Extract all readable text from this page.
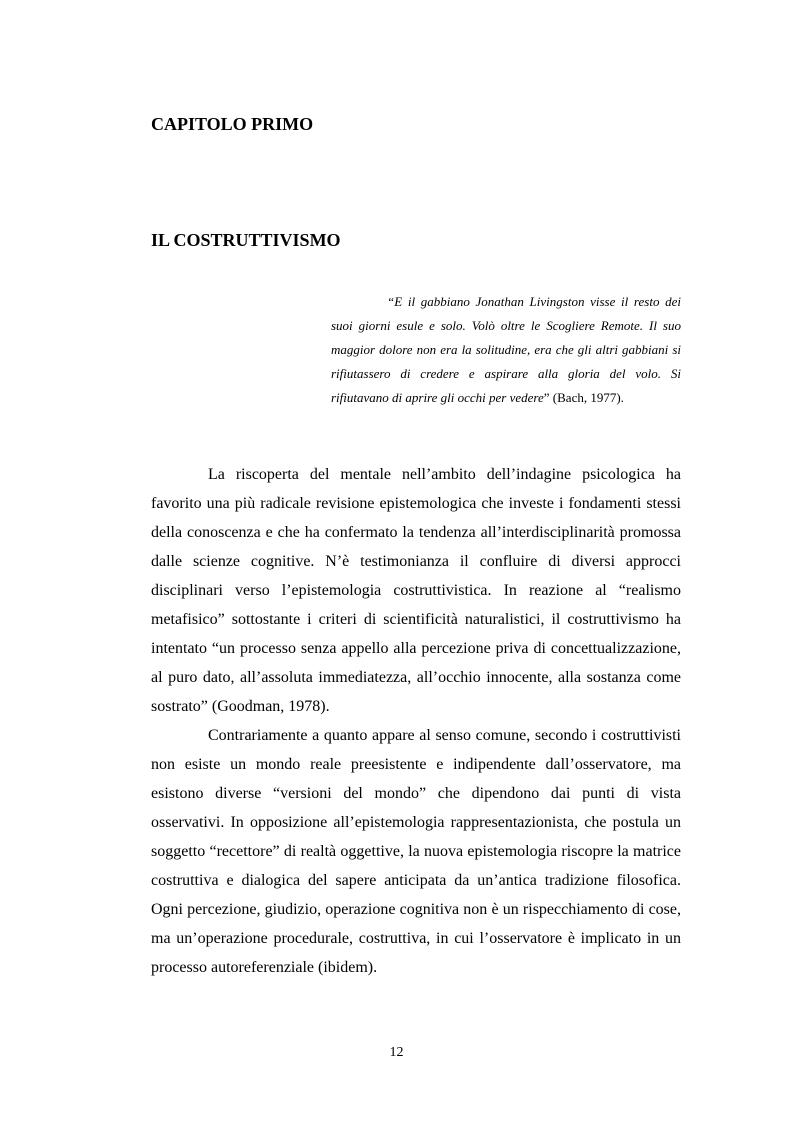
CAPITOLO PRIMO
IL COSTRUTTIVISMO

“E il gabbiano Jonathan Livingston visse il resto dei suoi giorni esule e solo. Volò oltre le Scogliere Remote. Il suo maggior dolore non era la solitudine, era che gli altri gabbiani si rifiutassero di credere e aspirare alla gloria del volo. Si rifiutavano di aprire gli occhi per vedere” (Bach, 1977).

La riscoperta del mentale nell’ambito dell’indagine psicologica ha favorito una più radicale revisione epistemologica che investe i fondamenti stessi della conoscenza e che ha confermato la tendenza all’interdisciplinarità promossa dalle scienze cognitive. N’è testimonianza il confluire di diversi approcci disciplinari verso l’epistemologia costruttivistica. In reazione al “realismo metafisico” sottostante i criteri di scientificità naturalistici, il costruttivismo ha intentato “un processo senza appello alla percezione priva di concettualizzazione, al puro dato, all’assoluta immediatezza, all’occhio innocente, alla sostanza come sostrato” (Goodman, 1978).

Contrariamente a quanto appare al senso comune, secondo i costruttivisti non esiste un mondo reale preesistente e indipendente dall’osservatore, ma esistono diverse “versioni del mondo” che dipendono dai punti di vista osservativi. In opposizione all’epistemologia rappresentazionista, che postula un soggetto “recettore” di realtà oggettive, la nuova epistemologia riscopre la matrice costruttiva e dialogica del sapere anticipata da un’antica tradizione filosofica. Ogni percezione, giudizio, operazione cognitiva non è un rispecchiamento di cose, ma un’operazione procedurale, costruttiva, in cui l’osservatore è implicato in un processo autoreferenziale (ibidem).

12
